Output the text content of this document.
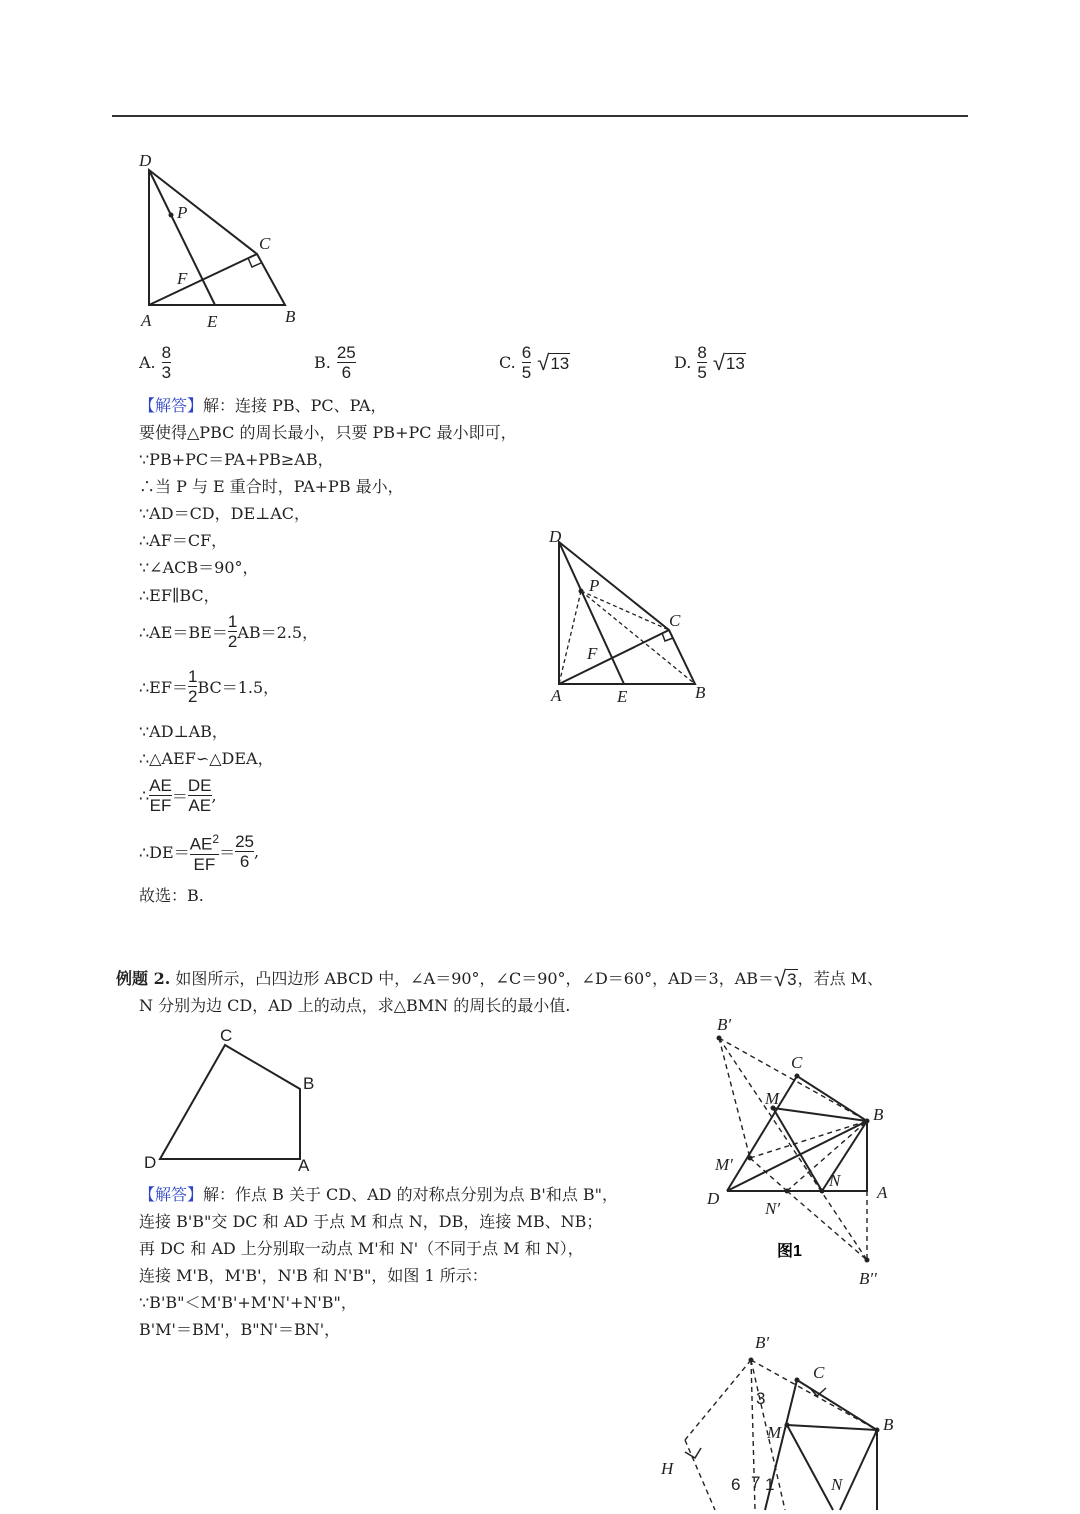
D
P
C
F
A	E	B
A. $\frac{8}{3}$	B. $\frac{25}{6}$	C. $\frac{6}{5}$ √ 13	D. $\frac{8}{5}$ √ 13
【解答】解：连接 PB、PC、PA，
要使得△PBC 的周长最小，只要 PB+PC 最小即可，
∵PB+PC＝PA+PB≥AB，
∴当 P 与 E 重合时，PA+PB 最小，
∵AD＝CD，DE⊥AC，
∴AF＝CF，
∵∠ACB＝90°，
∴EF∥BC，
∴AE＝BE＝ $\frac{1}{2} AB=2.5$，
∴EF＝ $\frac{1}{2} BC=1.5$，
∵AD⊥AB，
∴△AEF∽△DEA，
∴ $\frac{AE}{EF} = \frac{DE}{AE}$ ,
∴DE＝ $\frac{AE^2}{EF} = \frac{25}{6}$ ,
故选：B.
D
P
C
F
A	E	B
例题 2.
如图所示，凸四边形 ABCD 中，∠A＝90°，∠C＝90°，∠D＝60°，AD＝3，AB＝ √ 3 ，若点 M、
N 分别为边 CD，AD 上的动点，求△BMN 的周长的最小值.
C
B
D	A
B′
C
M
B
M′
N
D	A
N′
B′′
图1
【解答】解：作点 B 关于 CD、AD 的对称点分别为点 B'和点 B"，
连接 B'B"交 DC 和 AD 于点 M 和点 N，DB，连接 MB、NB；
再 DC 和 AD 上分别取一动点 M'和 N'（不同于点 M 和 N），
连接 M'B，M'B'，N'B 和 N'B"，如图 1 所示：
∵B'B"＜M'B'+M'N'+N'B"，
B'M'＝BM'，B"N'＝BN'，
B′
C
B
M
3
H
6 7 1	N
